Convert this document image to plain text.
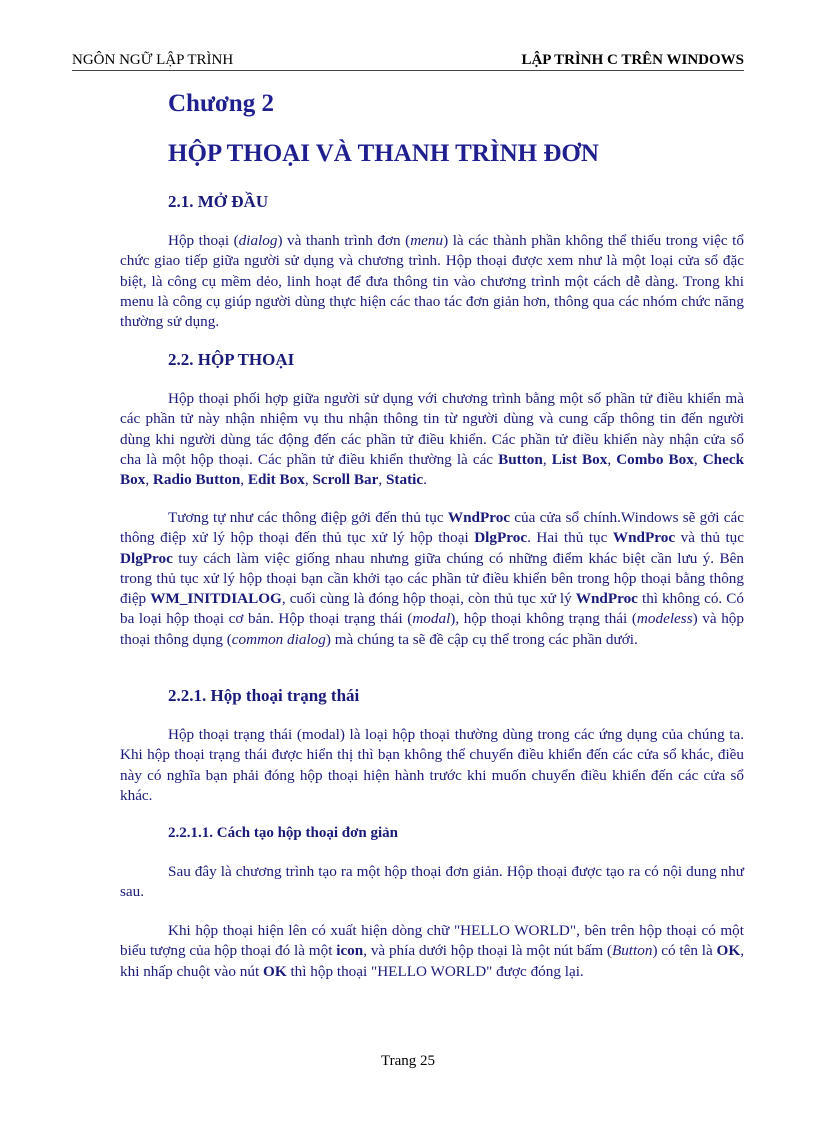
NGÔN NGỮ LẬP TRÌNH	LẬP TRÌNH C TRÊN WINDOWS
Chương 2
HỘP THOẠI VÀ THANH TRÌNH ĐƠN
2.1. MỞ ĐẦU

Hộp thoại (dialog) và thanh trình đơn (menu) là các thành phần không thể thiếu trong việc tổ chức giao tiếp giữa người sử dụng và chương trình. Hộp thoại được xem như là một loại cửa sổ đặc biệt, là công cụ mềm dẻo, linh hoạt để đưa thông tin vào chương trình một cách dễ dàng. Trong khi menu là công cụ giúp người dùng thực hiện các thao tác đơn giản hơn, thông qua các nhóm chức năng thường sử dụng.

2.2. HỘP THOẠI

Hộp thoại phối hợp giữa người sử dụng với chương trình bằng một số phần tử điều khiển mà các phần tử này nhận nhiệm vụ thu nhận thông tin từ người dùng và cung cấp thông tin đến người dùng khi người dùng tác động đến các phần tử điều khiển. Các phần tử điều khiển này nhận cửa sổ cha là một hộp thoại. Các phần tử điều khiển thường là các Button, List Box, Combo Box, Check Box, Radio Button, Edit Box, Scroll Bar, Static.

Tương tự như các thông điệp gởi đến thủ tục WndProc của cửa sổ chính.Windows sẽ gởi các thông điệp xử lý hộp thoại đến thủ tục xử lý hộp thoại DlgProc. Hai thủ tục WndProc và thủ tục DlgProc tuy cách làm việc giống nhau nhưng giữa chúng có những điểm khác biệt cần lưu ý. Bên trong thủ tục xử lý hộp thoại bạn cần khởi tạo các phần tử điều khiển bên trong hộp thoại bằng thông điệp WM_INITDIALOG, cuối cùng là đóng hộp thoại, còn thủ tục xử lý WndProc thì không có. Có ba loại hộp thoại cơ bản. Hộp thoại trạng thái (modal), hộp thoại không trạng thái (modeless) và hộp thoại thông dụng (common dialog) mà chúng ta sẽ đề cập cụ thể trong các phần dưới.

2.2.1. Hộp thoại trạng thái

Hộp thoại trạng thái (modal) là loại hộp thoại thường dùng trong các ứng dụng của chúng ta. Khi hộp thoại trạng thái được hiển thị thì bạn không thể chuyển điều khiển đến các cửa sổ khác, điều này có nghĩa bạn phải đóng hộp thoại hiện hành trước khi muốn chuyển điều khiển đến các cửa sổ khác.

2.2.1.1. Cách tạo hộp thoại đơn giản

Sau đây là chương trình tạo ra một hộp thoại đơn giản. Hộp thoại được tạo ra có nội dung như sau.

Khi hộp thoại hiện lên có xuất hiện dòng chữ "HELLO WORLD", bên trên hộp thoại có một biểu tượng của hộp thoại đó là một icon, và phía dưới hộp thoại là một nút bấm (Button) có tên là OK, khi nhấp chuột vào nút OK thì hộp thoại "HELLO WORLD" được đóng lại.

Trang 25
